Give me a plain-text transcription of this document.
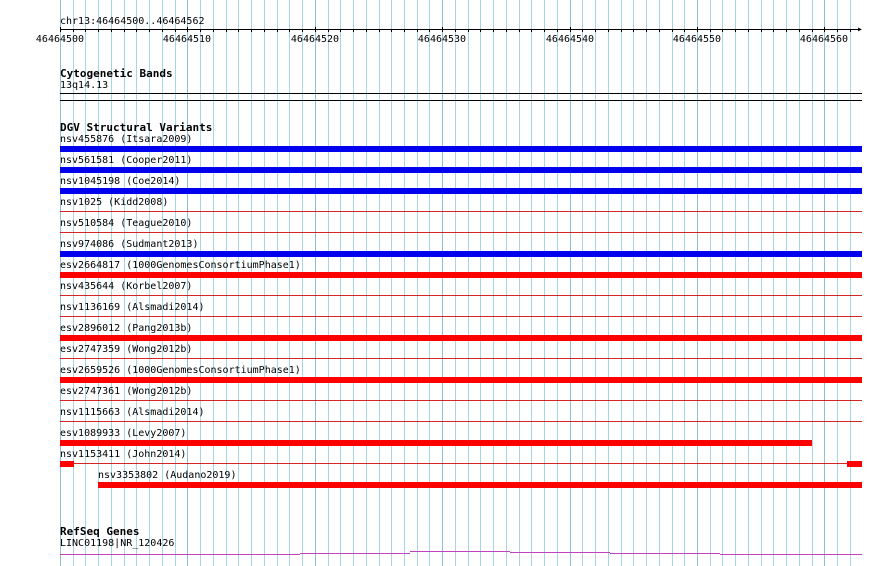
chr13:46464500..46464562
▸
46464500	46464510	46464520	46464530	46464540	46464550	46464560
Cytogenetic Bands
13q14.13
DGV Structural Variants
nsv455876 (Itsara2009)
nsv561581 (Cooper2011)
nsv1045198 (Coe2014)
nsv1025 (Kidd2008)
nsv510584 (Teague2010)
nsv974086 (Sudmant2013)
esv2664817 (1000GenomesConsortiumPhase1)
nsv435644 (Korbel2007)
nsv1136169 (Alsmadi2014)
esv2896012 (Pang2013b)
esv2747359 (Wong2012b)
esv2659526 (1000GenomesConsortiumPhase1)
esv2747361 (Wong2012b)
nsv1115663 (Alsmadi2014)
esv1089933 (Levy2007)
nsv1153411 (John2014)
nsv3353802 (Audano2019)
RefSeq Genes
LINC01198|NR_120426
